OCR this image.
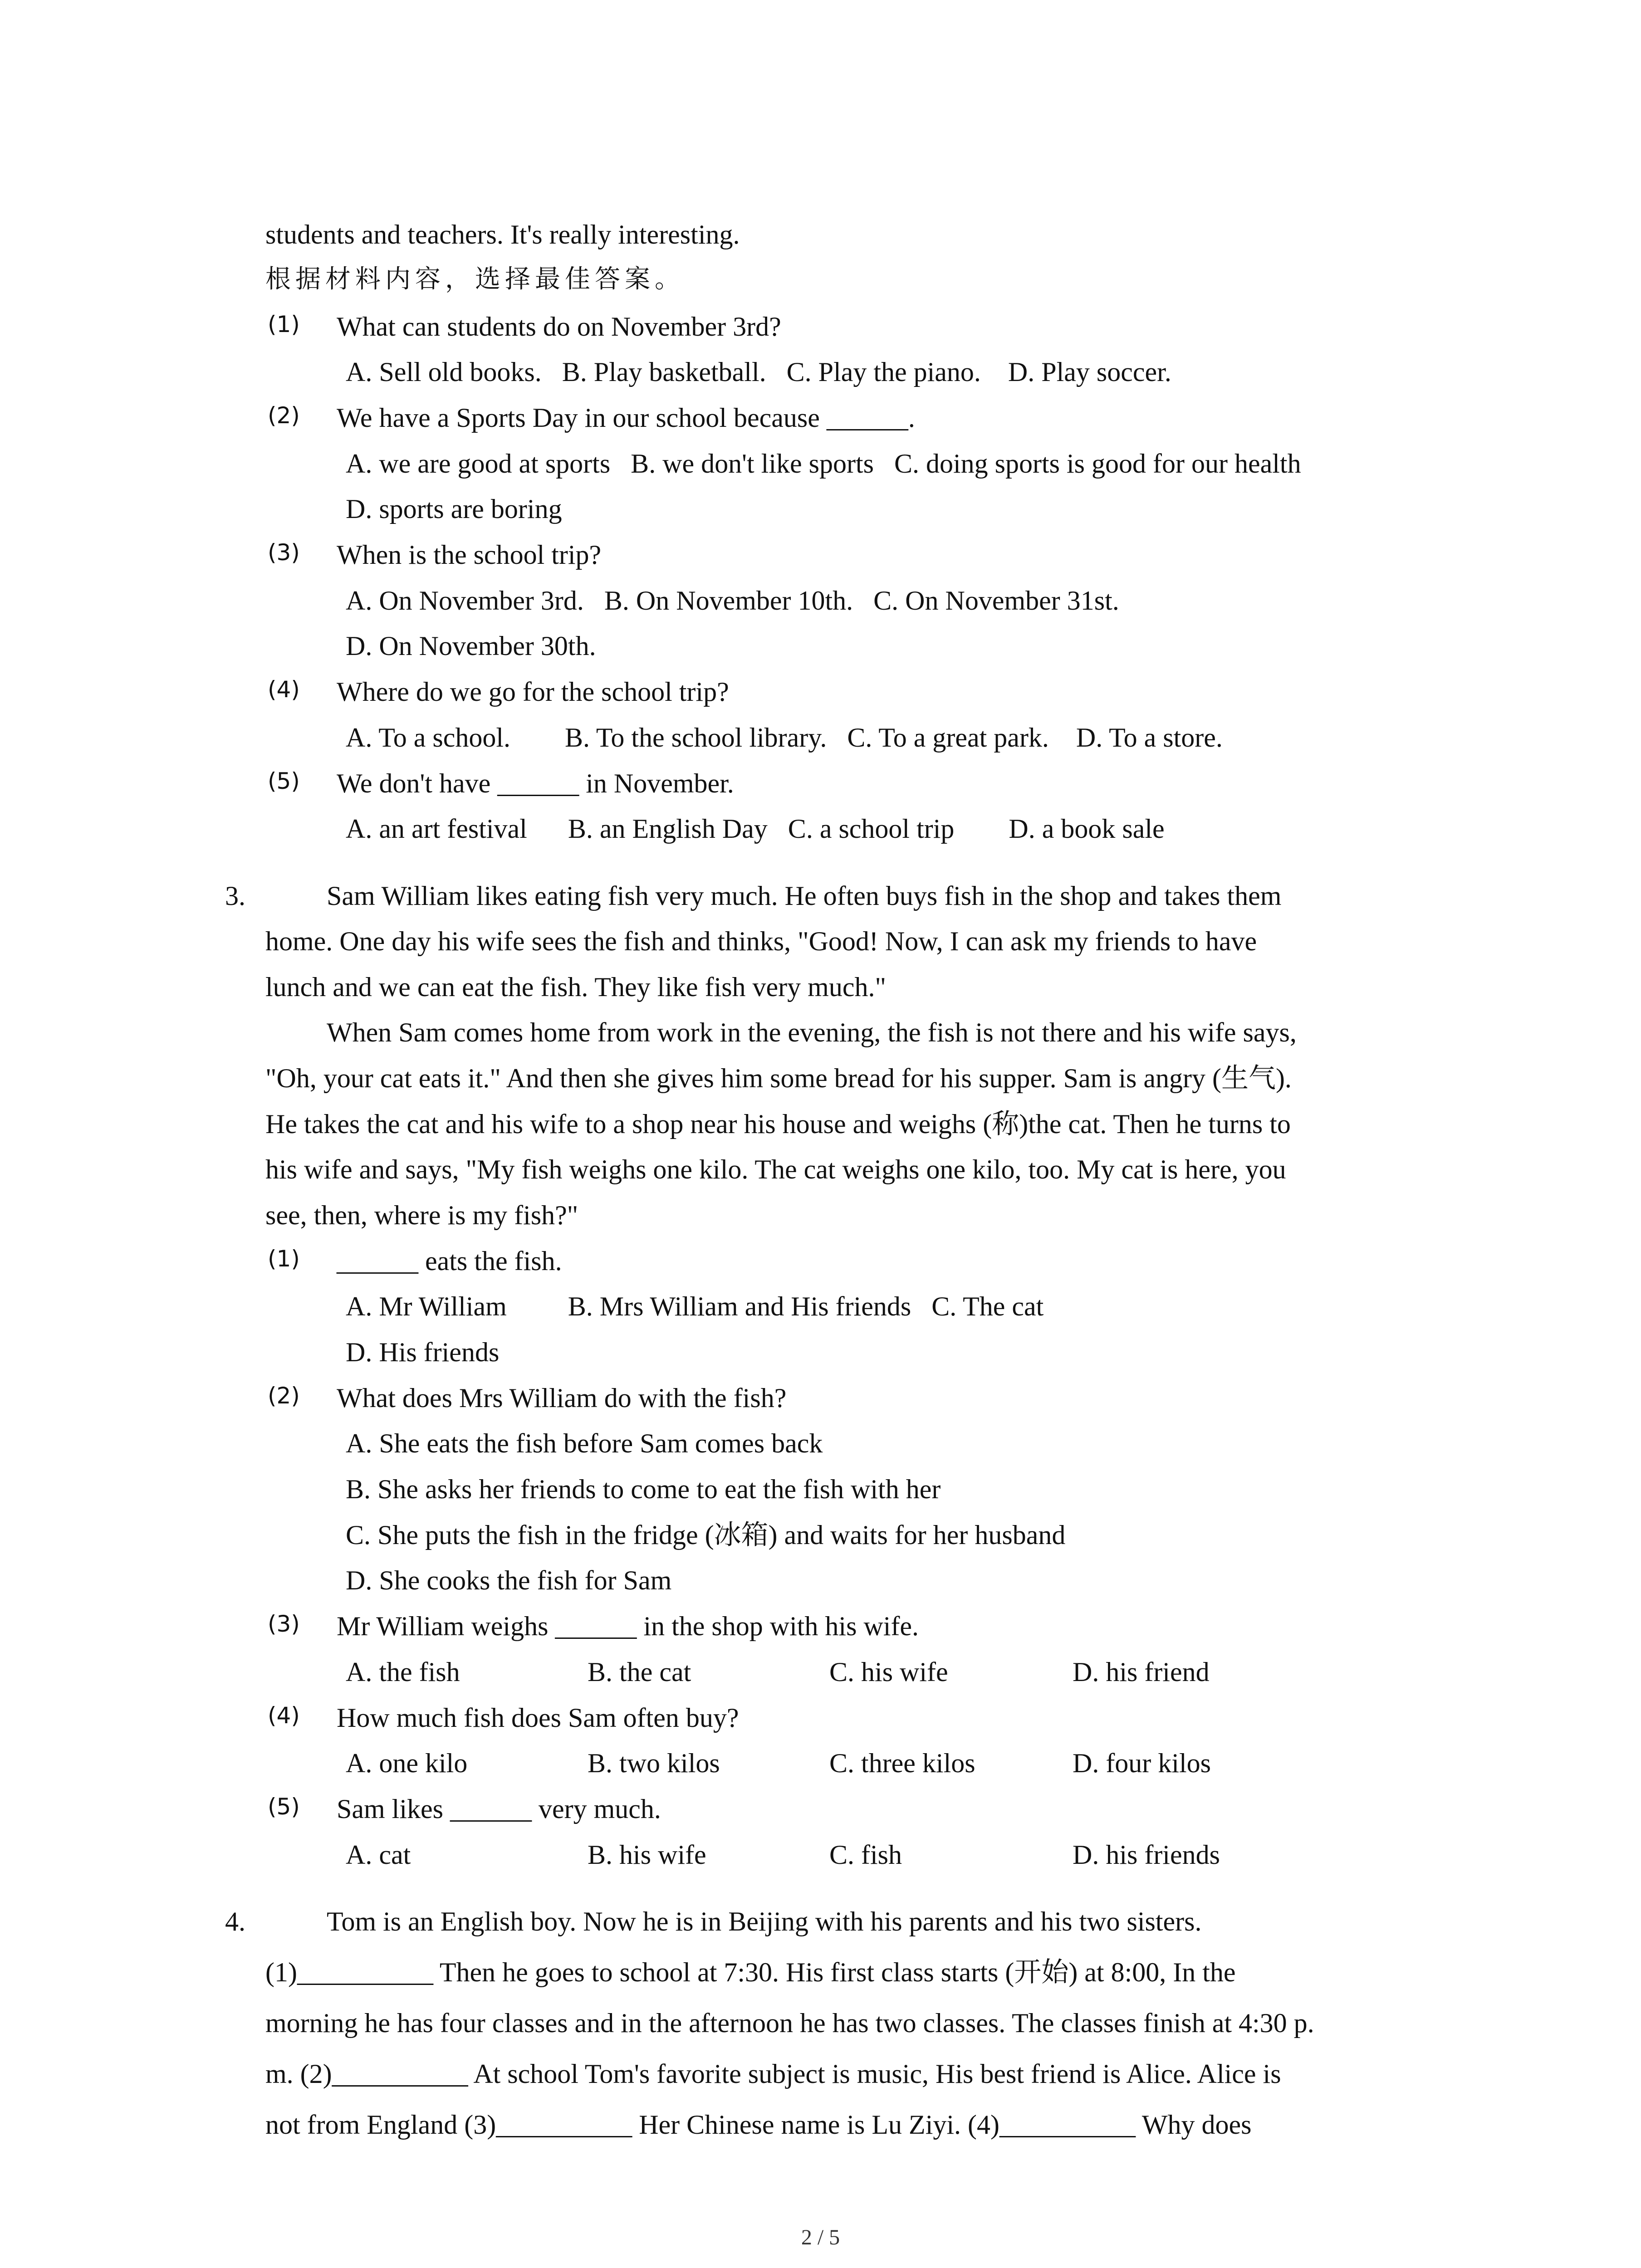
students and teachers. It's really interesting.
根据材料内容，选择最佳答案。
(1) What can students do on November 3rd?
A. Sell old books.   B. Play basketball.   C. Play the piano.    D. Play soccer.
(2) We have a Sports Day in our school because ______.
A. we are good at sports   B. we don't like sports   C. doing sports is good for our health
D. sports are boring
(3) When is the school trip?
A. On November 3rd.   B. On November 10th.   C. On November 31st.
D. On November 30th.
(4) Where do we go for the school trip?
A. To a school.        B. To the school library.   C. To a great park.    D. To a store.
(5) We don't have ______ in November.
A. an art festival      B. an English Day   C. a school trip        D. a book sale
3.	Sam William likes eating fish very much. He often buys fish in the shop and takes them
home. One day his wife sees the fish and thinks, "Good! Now, I can ask my friends to have
lunch and we can eat the fish. They like fish very much."
When Sam comes home from work in the evening, the fish is not there and his wife says,
"Oh, your cat eats it." And then she gives him some bread for his supper. Sam is angry (生气).
He takes the cat and his wife to a shop near his house and weighs (称)the cat. Then he turns to
his wife and says, "My fish weighs one kilo. The cat weighs one kilo, too. My cat is here, you
see, then, where is my fish?"
(1) ______ eats the fish.
A. Mr William         B. Mrs William and His friends   C. The cat
D. His friends
(2) What does Mrs William do with the fish?
A. She eats the fish before Sam comes back
B. She asks her friends to come to eat the fish with her
C. She puts the fish in the fridge (冰箱) and waits for her husband
D. She cooks the fish for Sam
(3) Mr William weighs ______ in the shop with his wife.
A. the fish	B. the cat	C. his wife	D. his friend
(4) How much fish does Sam often buy?
A. one kilo	B. two kilos	C. three kilos	D. four kilos
(5) Sam likes ______ very much.
A. cat	B. his wife	C. fish	D. his friends
4.	Tom is an English boy. Now he is in Beijing with his parents and his two sisters.
(1)__________ Then he goes to school at 7:30. His first class starts (开始) at 8:00, In the
morning he has four classes and in the afternoon he has two classes. The classes finish at 4:30 p.
m. (2)__________ At school Tom's favorite subject is music, His best friend is Alice. Alice is
not from England (3)__________ Her Chinese name is Lu Ziyi. (4)__________ Why does
2 / 5
